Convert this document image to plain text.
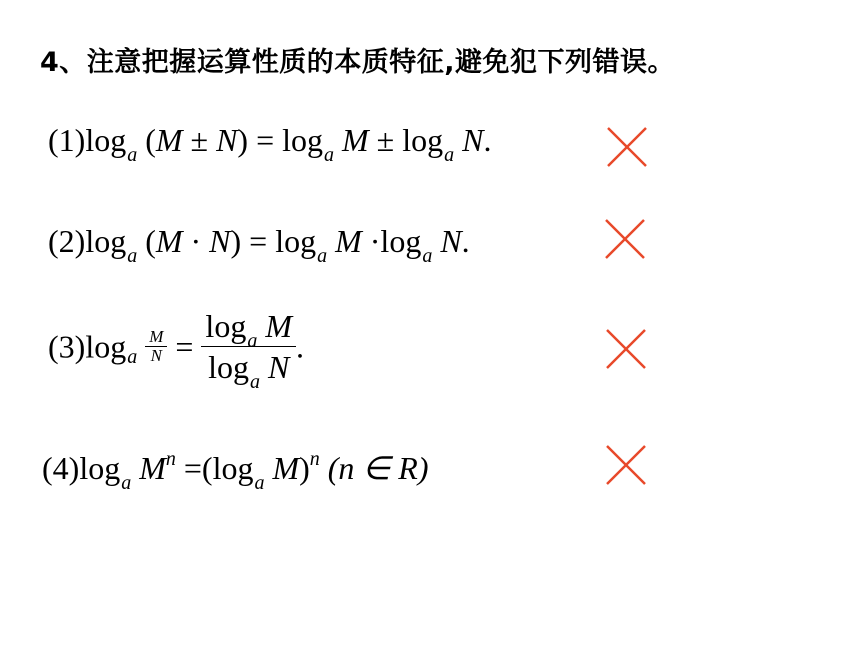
4、注意把握运算性质的本质特征,避免犯下列错误。
$(1)\log_a$ $(M \pm N) = \log_a M \pm \log_a N$.
$(2)\log_a$ $(M \cdot N) = \log_a M \cdot\log_a$ N.
$(3)\log_a \frac{M}{N} = \frac{\log_a M}{\log_a N}$ .
$(4)\log_a$ $M^n =(\log_a$ M)$^n$ (n ∈ R)
